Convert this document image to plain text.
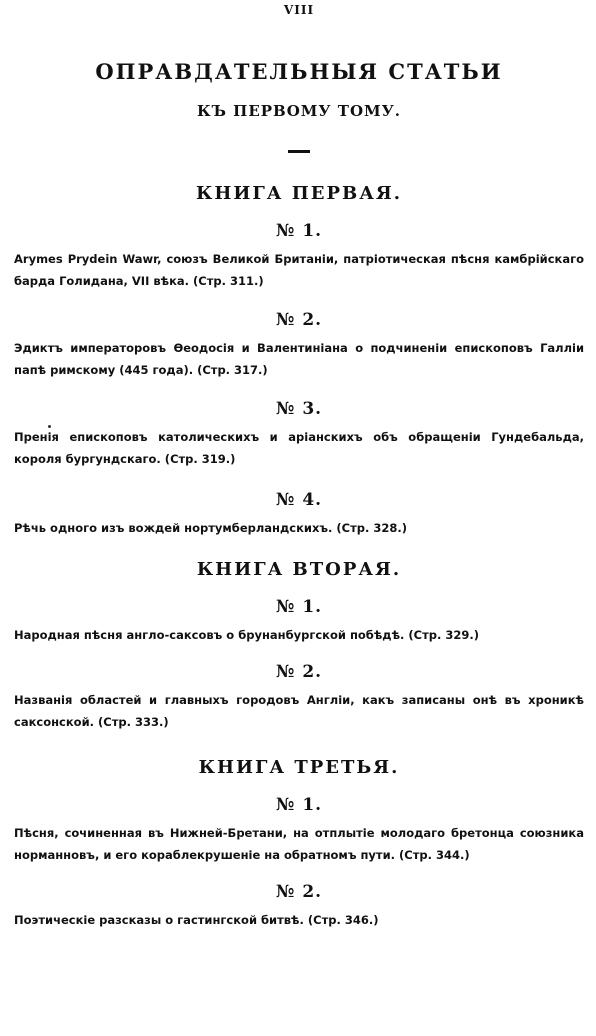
VIII
ОПРАВДАТЕЛЬНЫЯ СТАТЬИ
КЪ ПЕРВОМУ ТОМУ.
КНИГА ПЕРВАЯ.
№ 1.
Arymes Prydein Wawr, союзъ Великой Британіи, патріотическая пѣсня камбрійскаго барда Голидана, VII вѣка. (Стр. 311.)
№ 2.
Эдиктъ императоровъ Ѳеодосія и Валентиніана о подчиненіи епископовъ Галліи папѣ римскому (445 года). (Стр. 317.)
№ 3.
Пренія епископовъ католическихъ и аріанскихъ объ обращеніи Гундебальда, короля бургундскаго. (Стр. 319.)
№ 4.
Рѣчь одного изъ вождей нортумберландскихъ. (Стр. 328.)
КНИГА ВТОРАЯ.
№ 1.
Народная пѣсня англо-саксовъ о брунанбургской побѣдѣ. (Стр. 329.)
№ 2.
Названія областей и главныхъ городовъ Англіи, какъ записаны онѣ въ хроникѣ саксонской. (Стр. 333.)
КНИГА ТРЕТЬЯ.
№ 1.
Пѣсня, сочиненная въ Нижней-Бретани, на отплытіе молодаго бретонца союзника норманновъ, и его кораблекрушеніе на обратномъ пути. (Стр. 344.)
№ 2.
Поэтическіе разсказы о гастингской битвѣ. (Стр. 346.)
